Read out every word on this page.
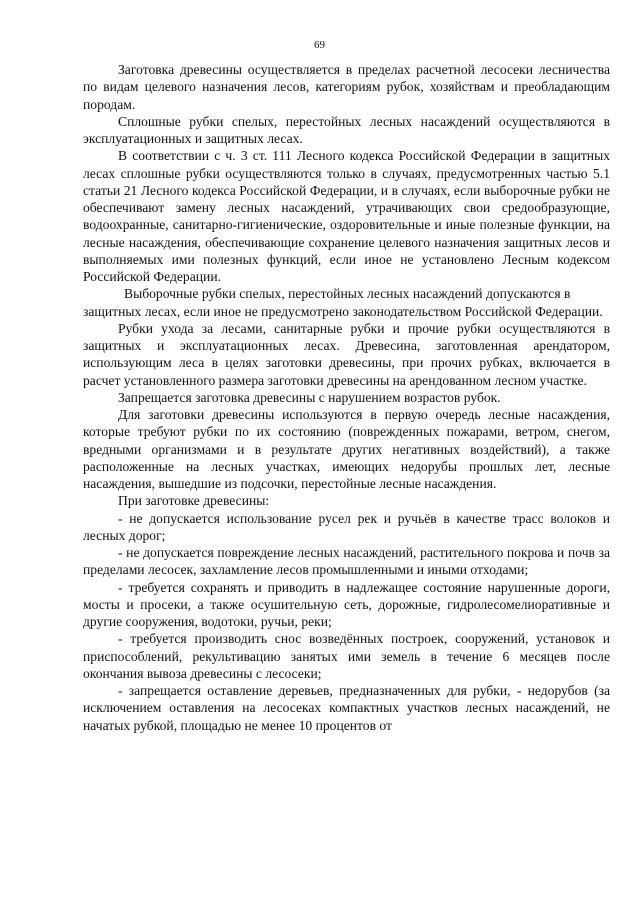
69

Заготовка древесины осуществляется в пределах расчетной лесосеки лесничества по видам целевого назначения лесов, категориям рубок, хозяйствам и преобладающим породам.

Сплошные рубки спелых, перестойных лесных насаждений осуществляются в эксплуатационных и защитных лесах.

В соответствии с ч. 3 ст. 111 Лесного кодекса Российской Федерации в защитных лесах сплошные рубки осуществляются только в случаях, предусмотренных частью 5.1 статьи 21 Лесного кодекса Российской Федерации, и в случаях, если выборочные рубки не обеспечивают замену лесных насаждений, утрачивающих свои средообразующие, водоохранные, санитарно-гигиенические, оздоровительные и иные полезные функции, на лесные насаждения, обеспечивающие сохранение целевого назначения защитных лесов и выполняемых ими полезных функций, если иное не установлено Лесным кодексом Российской Федерации.

Выборочные рубки спелых, перестойных лесных насаждений допускаются в защитных лесах, если иное не предусмотрено законодательством Российской Федерации.

Рубки ухода за лесами, санитарные рубки и прочие рубки осуществляются в защитных и эксплуатационных лесах. Древесина, заготовленная арендатором, использующим леса в целях заготовки древесины, при прочих рубках, включается в расчет установленного размера заготовки древесины на арендованном лесном участке.

Запрещается заготовка древесины с нарушением возрастов рубок.

Для заготовки древесины используются в первую очередь лесные насаждения, которые требуют рубки по их состоянию (поврежденных пожарами, ветром, снегом, вредными организмами и в результате других негативных воздействий), а также расположенные на лесных участках, имеющих недорубы прошлых лет, лесные насаждения, вышедшие из подсочки, перестойные лесные насаждения.

При заготовке древесины:

- не допускается использование русел рек и ручьёв в качестве трасс волоков и лесных дорог;

- не допускается повреждение лесных насаждений, растительного покрова и почв за пределами лесосек, захламление лесов промышленными и иными отходами;

- требуется сохранять и приводить в надлежащее состояние нарушенные дороги, мосты и просеки, а также осушительную сеть, дорожные, гидролесомелиоративные и другие сооружения, водотоки, ручьи, реки;

- требуется производить снос возведённых построек, сооружений, установок и приспособлений, рекультивацию занятых ими земель в течение 6 месяцев после окончания вывоза древесины с лесосеки;

- запрещается оставление деревьев, предназначенных для рубки, - недорубов (за исключением оставления на лесосеках компактных участков лесных насаждений, не начатых рубкой, площадью не менее 10 процентов от
